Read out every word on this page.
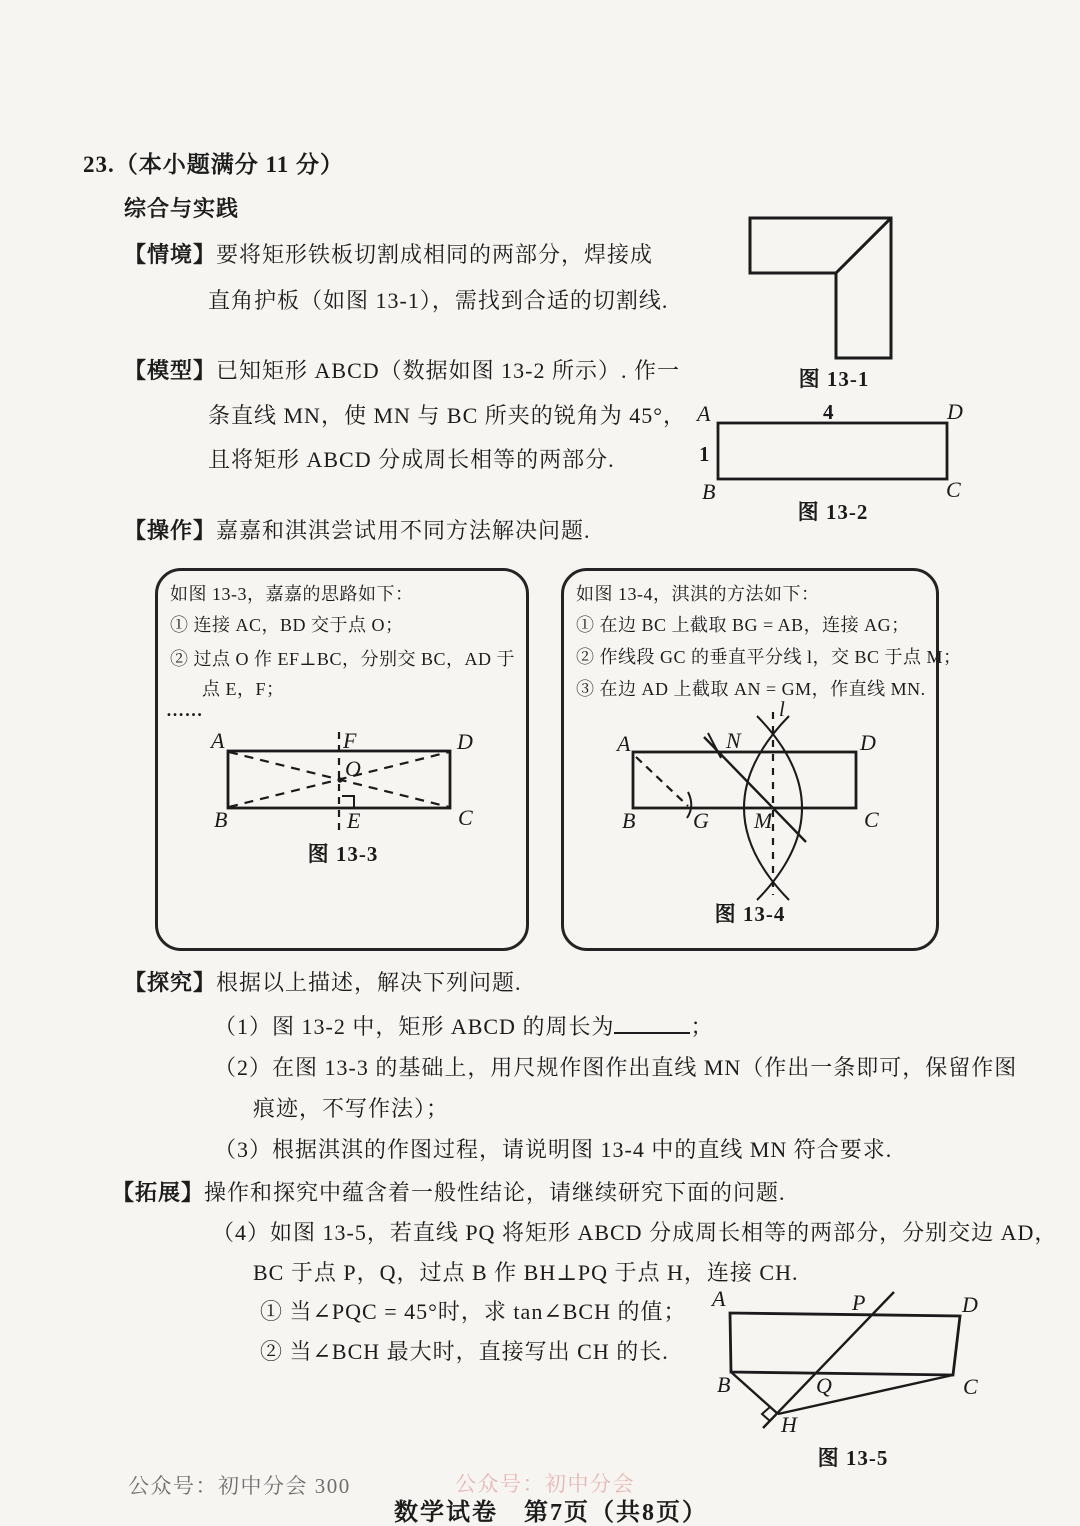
23.（本小题满分 11 分）
综合与实践
【情境】要将矩形铁板切割成相同的两部分，焊接成
直角护板（如图 13-1），需找到合适的切割线.
【模型】已知矩形 ABCD（数据如图 13-2 所示）. 作一
条直线 MN，使 MN 与 BC 所夹的锐角为 45°，
且将矩形 ABCD 分成周长相等的两部分.
【操作】嘉嘉和淇淇尝试用不同方法解决问题.
图 13-1
A	4	D
1
B	C
图 13-2
如图 13-3，嘉嘉的思路如下：
① 连接 AC，BD 交于点 O；
② 过点 O 作 EF⊥BC，分别交 BC，AD 于
点 E，F；
……
A	F	D
O
B	E	C
图 13-3
如图 13-4，淇淇的方法如下：
① 在边 BC 上截取 BG = AB，连接 AG；
② 作线段 GC 的垂直平分线 l，交 BC 于点 M；
③ 在边 AD 上截取 AN = GM，作直线 MN.
l
A	N	D
B	G M	C
图 13-4
【探究】根据以上描述，解决下列问题.
（1）图 13-2 中，矩形 ABCD 的周长为	；
（2）在图 13-3 的基础上，用尺规作图作出直线 MN（作出一条即可，保留作图
痕迹，不写作法）；
（3）根据淇淇的作图过程，请说明图 13-4 中的直线 MN 符合要求.
【拓展】操作和探究中蕴含着一般性结论，请继续研究下面的问题.
（4）如图 13-5，若直线 PQ 将矩形 ABCD 分成周长相等的两部分，分别交边 AD，
BC 于点 P，Q，过点 B 作 BH⊥PQ 于点 H，连接 CH.
① 当∠PQC = 45°时，求 tan∠BCH 的值；
② 当∠BCH 最大时，直接写出 CH 的长.
A	P	D
B	Q	C
H
图 13-5
公众号：初中分会 300	公众号：初中分会
数学试卷　第7页（共8页）
